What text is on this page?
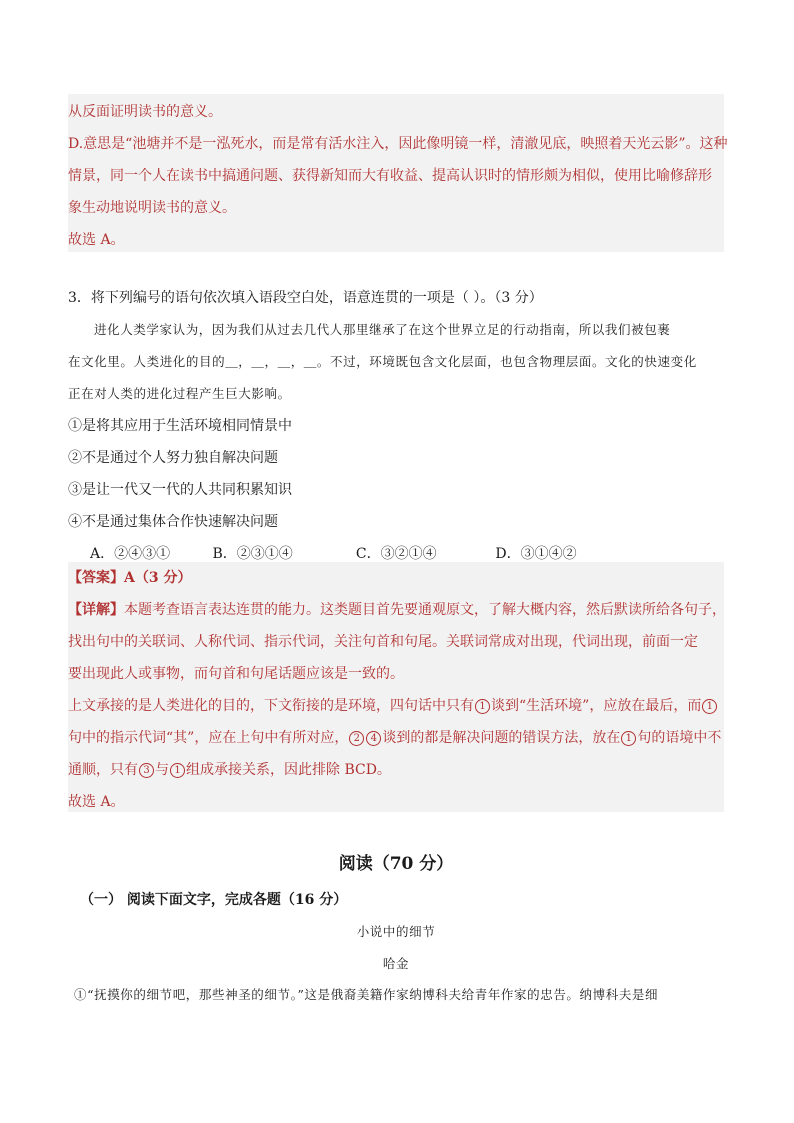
从反面证明读书的意义。
D.意思是“池塘并不是一泓死水，而是常有活水注入，因此像明镜一样，清澈见底，映照着天光云影”。这种
情景，同一个人在读书中搞通问题、获得新知而大有收益、提高认识时的情形颇为相似，使用比喻修辞形
象生动地说明读书的意义。
故选 A。
3．将下列编号的语句依次填入语段空白处，语意连贯的一项是（ ）。（3 分）
进化人类学家认为，因为我们从过去几代人那里继承了在这个世界立足的行动指南，所以我们被包裹
在文化里。人类进化的目的＿，＿，＿，＿。不过，环境既包含文化层面，也包含物理层面。文化的快速变化
正在对人类的进化过程产生巨大影响。
①是将其应用于生活环境相同情景中
②不是通过个人努力独自解决问题
③是让一代又一代的人共同积累知识
④不是通过集体合作快速解决问题
A．②④③①	B．②③①④	C．③②①④	D．③①④②
【答案】A（3 分）
【详解】本题考查语言表达连贯的能力。这类题目首先要通观原文，了解大概内容，然后默读所给各句子，
找出句中的关联词、人称代词、指示代词，关注句首和句尾。关联词常成对出现，代词出现，前面一定
要出现此人或事物，而句首和句尾话题应该是一致的。
上文承接的是人类进化的目的，下文衔接的是环境，四句话中只有 1 谈到“生活环境”，应放在最后，而 1
句中的指示代词“其”，应在上句中有所对应， 2 4 谈到的都是解决问题的错误方法，放在 1 句的语境中不
通顺，只有 3 与 1 组成承接关系，因此排除 BCD。
故选 A。
阅读（70 分）
（一） 阅读下面文字，完成各题（16 分）
小说中的细节
哈金
①“抚摸你的细节吧，那些神圣的细节。”这是俄裔美籍作家纳博科夫给青年作家的忠告。纳博科夫是细
